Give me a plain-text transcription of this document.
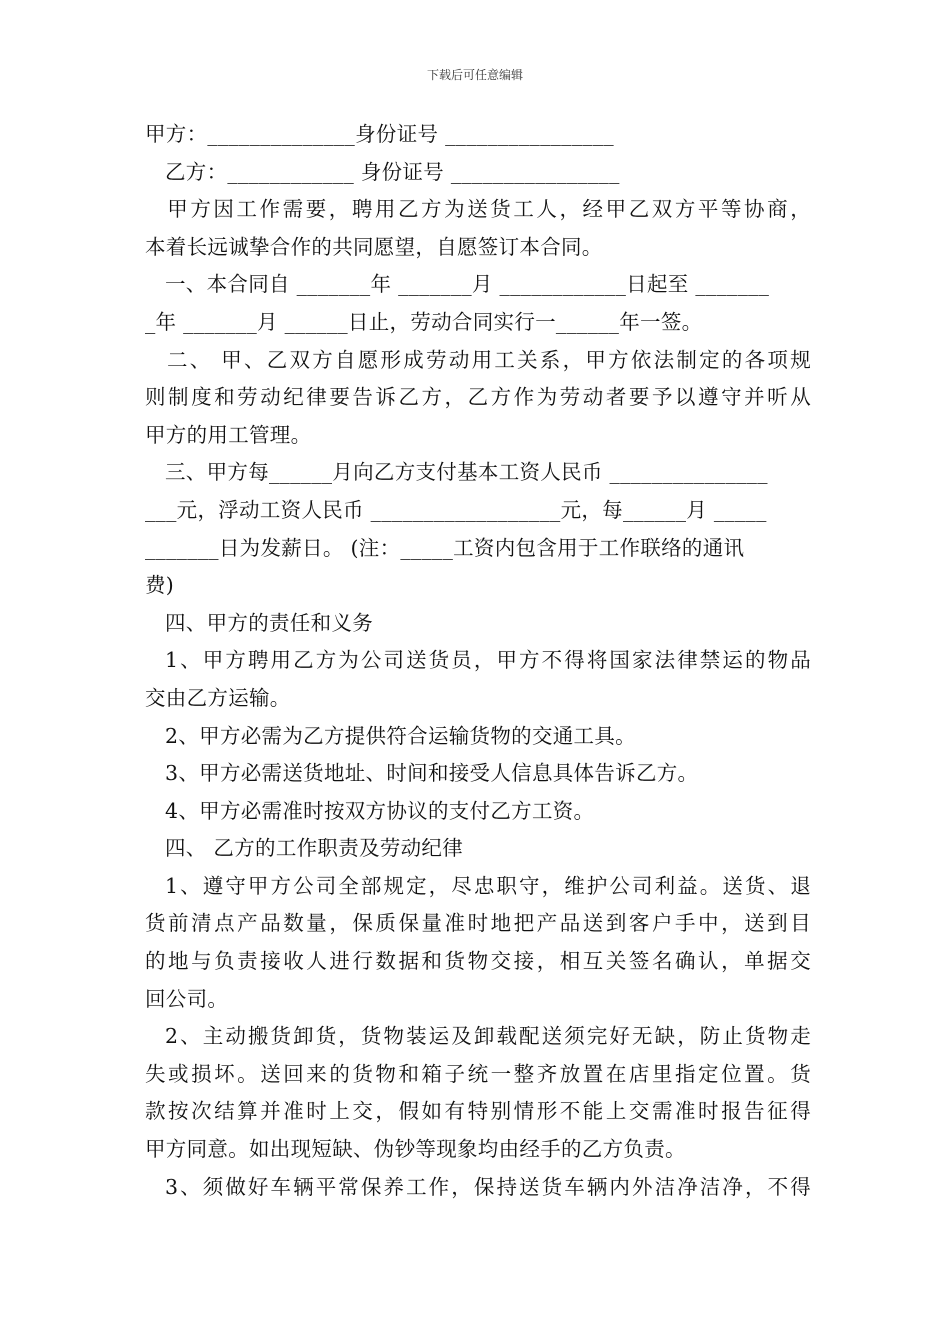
下载后可任意编辑
甲方：______________身份证号 ________________
乙方：____________ 身份证号 ________________
甲方因工作需要，聘用乙方为送货工人，经甲乙双方平等协商，
本着长远诚挚合作的共同愿望，自愿签订本合同。
一、本合同自 _______年 _______月 ____________日起至 _______
_年 _______月 ______日止，劳动合同实行一______年一签。
二、 甲、乙双方自愿形成劳动用工关系，甲方依法制定的各项规
则制度和劳动纪律要告诉乙方，乙方作为劳动者要予以遵守并听从
甲方的用工管理。
三、甲方每______月向乙方支付基本工资人民币 _______________
___元，浮动工资人民币 __________________元，每______月 _____
_______日为发薪日。 (注：_____工资内包含用于工作联络的通讯
费)
四、甲方的责任和义务
1、甲方聘用乙方为公司送货员，甲方不得将国家法律禁运的物品
交由乙方运输。
2、甲方必需为乙方提供符合运输货物的交通工具。
3、甲方必需送货地址、时间和接受人信息具体告诉乙方。
4、甲方必需准时按双方协议的支付乙方工资。
四、 乙方的工作职责及劳动纪律
1、遵守甲方公司全部规定，尽忠职守，维护公司利益。送货、退
货前清点产品数量，保质保量准时地把产品送到客户手中，送到目
的地与负责接收人进行数据和货物交接，相互关签名确认，单据交
回公司。
2、主动搬货卸货，货物装运及卸载配送须完好无缺，防止货物走
失或损坏。送回来的货物和箱子统一整齐放置在店里指定位置。货
款按次结算并准时上交，假如有特别情形不能上交需准时报告征得
甲方同意。如出现短缺、伪钞等现象均由经手的乙方负责。
3、须做好车辆平常保养工作，保持送货车辆内外洁净洁净，不得
